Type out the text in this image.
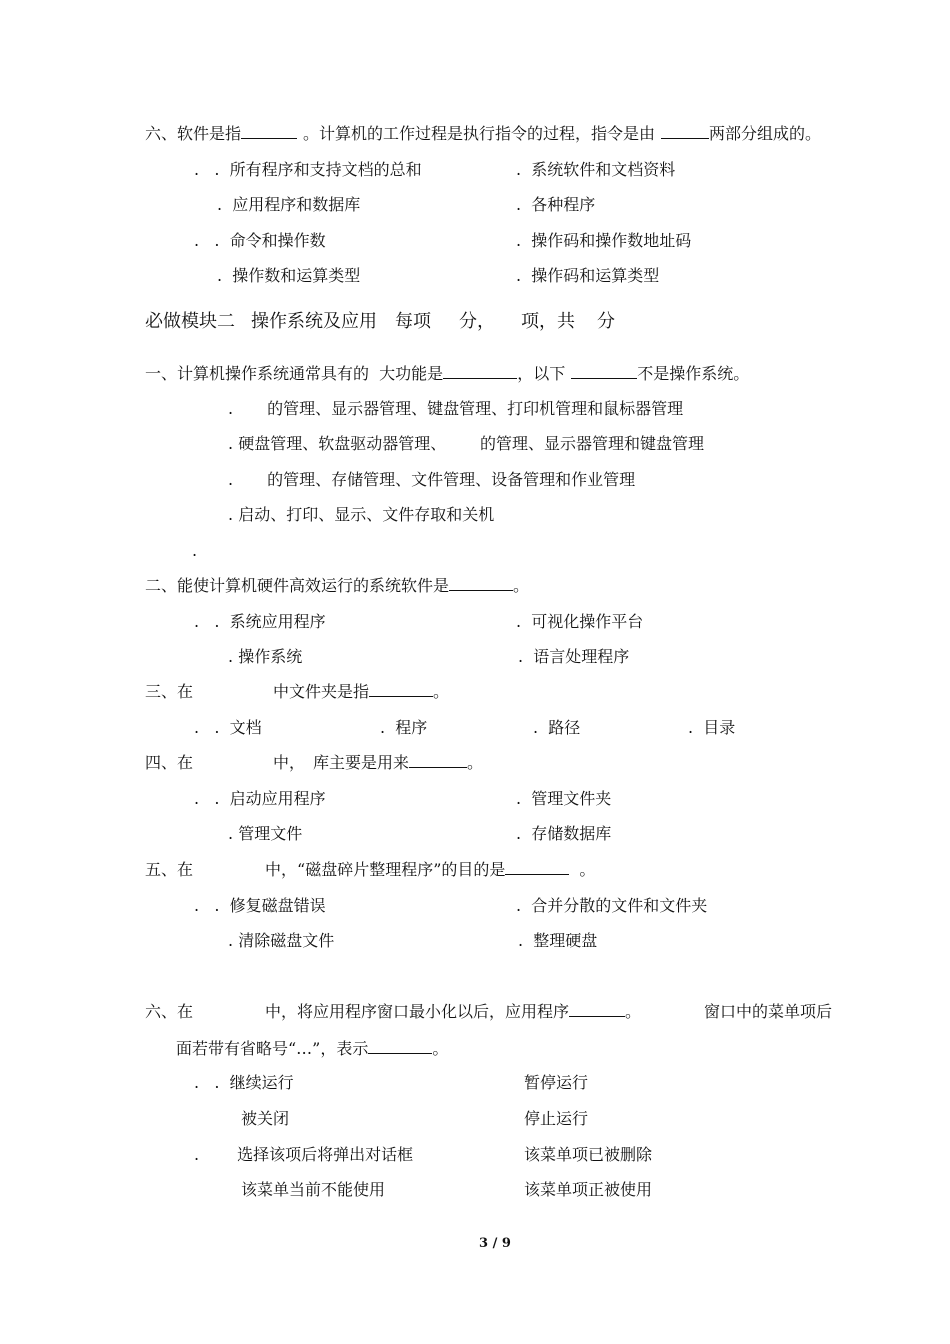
六、软件是指	。计算机的工作过程是执行指令的过程，指令是由	两部分组成的。
.   . 所有程序和支持文档的总和	. 系统软件和文档资料
. 应用程序和数据库	. 各种程序
.   . 命令和操作数	. 操作码和操作数地址码
. 操作数和运算类型	. 操作码和运算类型
必做模块二 操作系统及应用 每项 分， 项，共 分
一、计算机操作系统通常具有的  大功能是	，以下	不是操作系统。
. 的管理、显示器管理、键盘管理、打印机管理和鼠标器管理
. 硬盘管理、软盘驱动器管理、 的管理、显示器管理和键盘管理
. 的管理、存储管理、文件管理、设备管理和作业管理
. 启动、打印、显示、文件存取和关机
.
二、能使计算机硬件高效运行的系统软件是	。
.   . 系统应用程序	. 可视化操作平台
. 操作系统	. 语言处理程序
三、在	中文件夹是指	。
.   . 文档	. 程序	. 路径	. 目录
四、在	中， 库主要是用来	。
.   . 启动应用程序	. 管理文件夹
. 管理文件	. 存储数据库
五、在	中，“磁盘碎片整理程序”的目的是	。
.   . 修复磁盘错误	. 合并分散的文件和文件夹
. 清除磁盘文件	. 整理硬盘
六、在	中，将应用程序窗口最小化以后，应用程序	。	窗口中的菜单项后
面若带有省略号“…”，表示	。
.   . 继续运行	暂停运行
被关闭	停止运行
. 选择该项后将弹出对话框	该菜单项已被删除
该菜单当前不能使用	该菜单项正被使用
3 / 9
